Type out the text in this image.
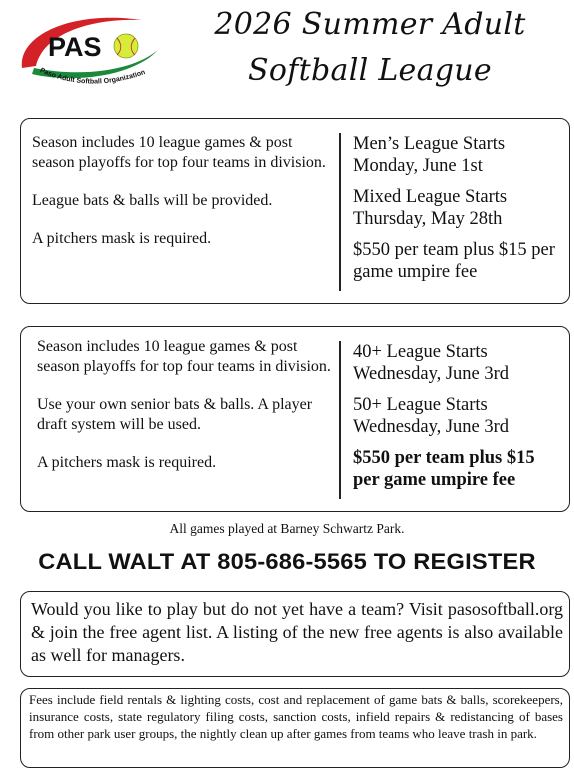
PAS
Paso Adult Softball Organization
2026 Summer Adult
Softball League

Season includes 10 league games & post season playoffs for top four teams in division.

League bats & balls will be provided.

A pitchers mask is required.

Men’s League Starts Monday, June 1st

Mixed League Starts Thursday, May 28th

$550 per team plus $15 per game umpire fee

Season includes 10 league games & post season playoffs for top four teams in division.

Use your own senior bats & balls. A player draft system will be used.

A pitchers mask is required.

40+ League Starts Wednesday, June 3rd

50+ League Starts Wednesday, June 3rd

$550 per team plus $15 per game umpire fee

All games played at Barney Schwartz Park.
CALL WALT AT 805-686-5565 TO REGISTER
Would you like to play but do not yet have a team? Visit pasosoftball.org & join the free agent list. A listing of the new free agents is also available as well for managers.
Fees include field rentals & lighting costs, cost and replacement of game bats & balls, scorekeepers, insurance costs, state regulatory filing costs, sanction costs, infield repairs & redistancing of bases from other park user groups, the nightly clean up after games from teams who leave trash in park.
